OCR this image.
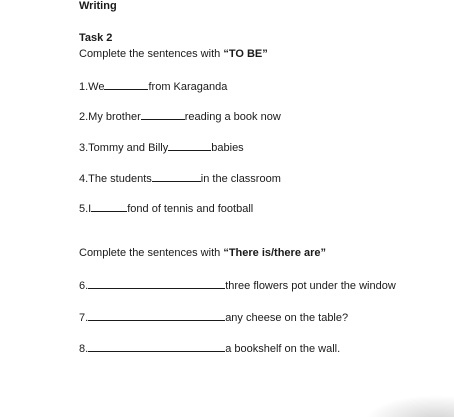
Writing
Task 2
Complete the sentences with “TO BE”
1.We	from Karaganda
2.My brother	reading a book now
3.Tommy and Billy	babies
4.The students	in the classroom
5.I	fond of tennis and football
Complete the sentences with “There is/there are”
6.	three flowers pot under the window
7.	any cheese on the table?
8.	a bookshelf on the wall.
